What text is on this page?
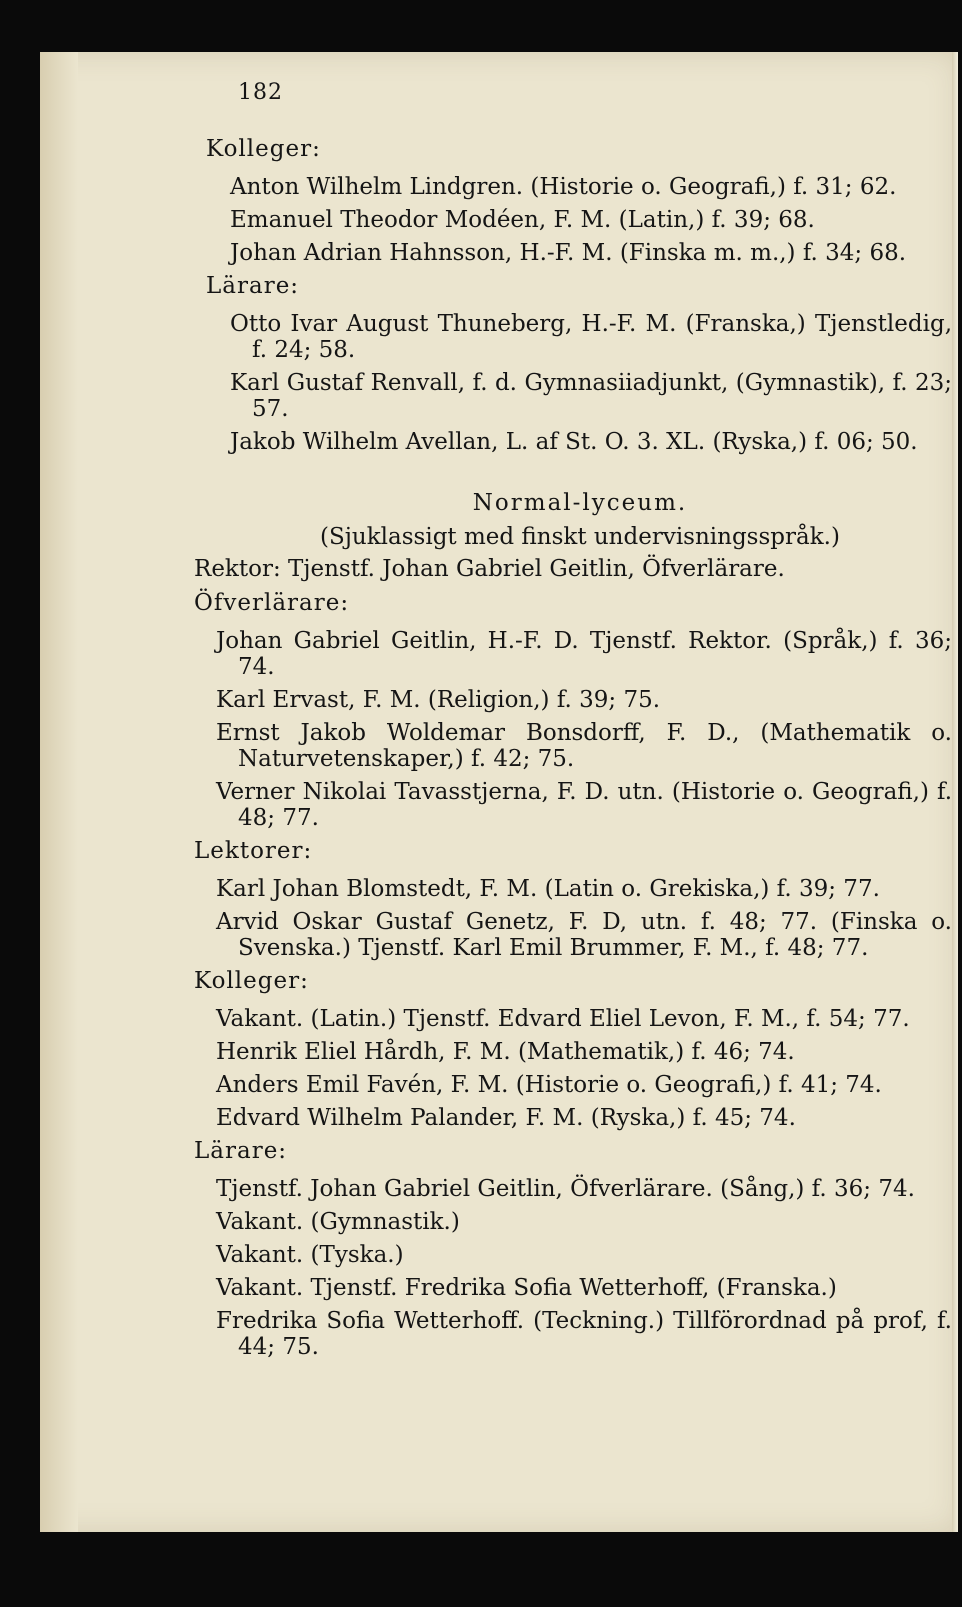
182
Kolleger:
Anton Wilhelm Lindgren. (Historie o. Geografi,) f. 31; 62.
Emanuel Theodor Modéen, F. M. (Latin,) f. 39; 68.
Johan Adrian Hahnsson, H.-F. M. (Finska m. m.,) f. 34; 68.
Lärare:
Otto Ivar August Thuneberg, H.-F. M. (Franska,) Tjenstledig, f. 24; 58.
Karl Gustaf Renvall, f. d. Gymnasiiadjunkt, (Gymnastik), f. 23; 57.
Jakob Wilhelm Avellan, L. af St. O. 3. XL. (Ryska,) f. 06; 50.
Normal-lyceum.
(Sjuklassigt med finskt undervisningsspråk.)
Rektor: Tjenstf. Johan Gabriel Geitlin, Öfverlärare.
Öfverlärare:
Johan Gabriel Geitlin, H.-F. D. Tjenstf. Rektor. (Språk,) f. 36; 74.
Karl Ervast, F. M. (Religion,) f. 39; 75.
Ernst Jakob Woldemar Bonsdorff, F. D., (Mathematik o. Naturvetenskaper,) f. 42; 75.
Verner Nikolai Tavasstjerna, F. D. utn. (Historie o. Geografi,) f. 48; 77.
Lektorer:
Karl Johan Blomstedt, F. M. (Latin o. Grekiska,) f. 39; 77.
Arvid Oskar Gustaf Genetz, F. D, utn. f. 48; 77. (Finska o. Svenska.) Tjenstf. Karl Emil Brummer, F. M., f. 48; 77.
Kolleger:
Vakant. (Latin.) Tjenstf. Edvard Eliel Levon, F. M., f. 54; 77.
Henrik Eliel Hårdh, F. M. (Mathematik,) f. 46; 74.
Anders Emil Favén, F. M. (Historie o. Geografi,) f. 41; 74.
Edvard Wilhelm Palander, F. M. (Ryska,) f. 45; 74.
Lärare:
Tjenstf. Johan Gabriel Geitlin, Öfverlärare. (Sång,) f. 36; 74.
Vakant. (Gymnastik.)
Vakant. (Tyska.)
Vakant. Tjenstf. Fredrika Sofia Wetterhoff, (Franska.)
Fredrika Sofia Wetterhoff. (Teckning.) Tillförordnad på prof, f. 44; 75.
